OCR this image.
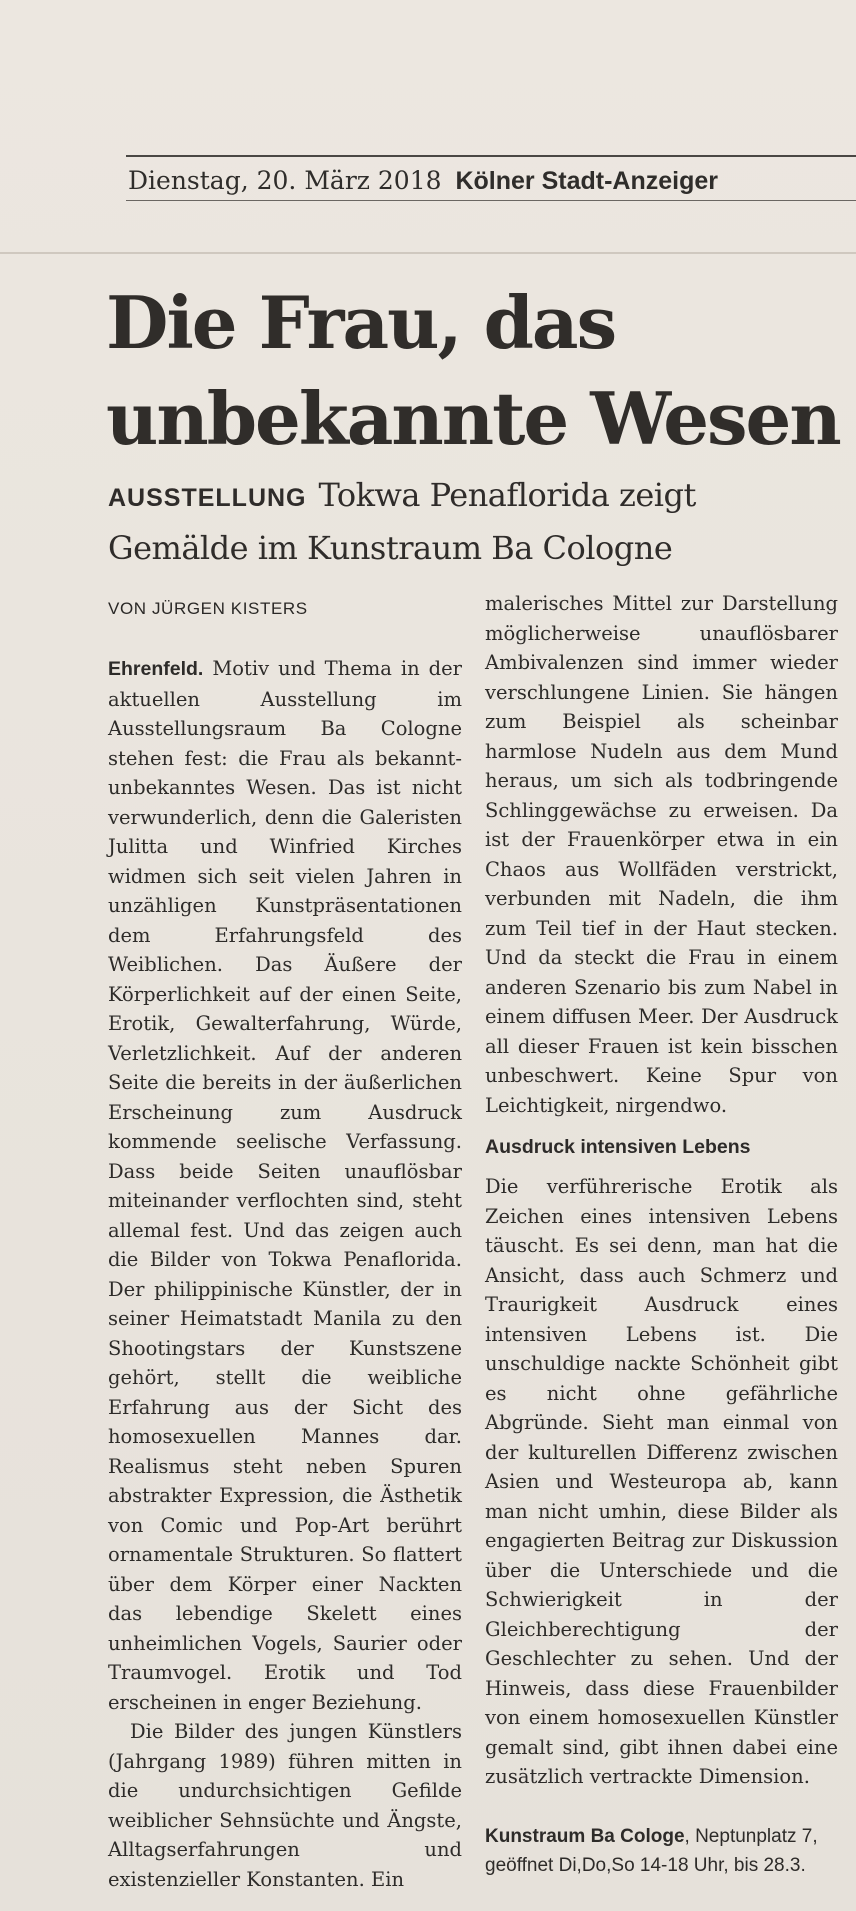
Dienstag, 20. März 2018 Kölner Stadt-Anzeiger
Die Frau, das unbekannte Wesen
AUSSTELLUNG Tokwa Penaflorida zeigt Gemälde im Kunstraum Ba Cologne
VON JÜRGEN KISTERS

Ehrenfeld. Motiv und Thema in der aktuellen Ausstellung im Ausstellungsraum Ba Cologne stehen fest: die Frau als bekannt-unbekanntes Wesen. Das ist nicht verwunderlich, denn die Galeristen Julitta und Winfried Kirches widmen sich seit vielen Jahren in unzähligen Kunstpräsentationen dem Erfahrungsfeld des Weiblichen. Das Äußere der Körperlichkeit auf der einen Seite, Erotik, Gewalterfahrung, Würde, Verletzlichkeit. Auf der anderen Seite die bereits in der äußerlichen Erscheinung zum Ausdruck kommende seelische Verfassung. Dass beide Seiten unauflösbar miteinander verflochten sind, steht allemal fest. Und das zeigen auch die Bilder von Tokwa Penaflorida. Der philippinische Künstler, der in seiner Heimatstadt Manila zu den Shootingstars der Kunstszene gehört, stellt die weibliche Erfahrung aus der Sicht des homosexuellen Mannes dar. Realismus steht neben Spuren abstrakter Expression, die Ästhetik von Comic und Pop-Art berührt ornamentale Strukturen. So flattert über dem Körper einer Nackten das lebendige Skelett eines unheimlichen Vogels, Saurier oder Traumvogel. Erotik und Tod erscheinen in enger Beziehung.

Die Bilder des jungen Künstlers (Jahrgang 1989) führen mitten in die undurchsichtigen Gefilde weiblicher Sehnsüchte und Ängste, Alltagserfahrungen und existenzieller Konstanten. Ein

malerisches Mittel zur Darstellung möglicherweise unauflösbarer Ambivalenzen sind immer wieder verschlungene Linien. Sie hängen zum Beispiel als scheinbar harmlose Nudeln aus dem Mund heraus, um sich als todbringende Schlinggewächse zu erweisen. Da ist der Frauenkörper etwa in ein Chaos aus Wollfäden verstrickt, verbunden mit Nadeln, die ihm zum Teil tief in der Haut stecken. Und da steckt die Frau in einem anderen Szenario bis zum Nabel in einem diffusen Meer. Der Ausdruck all dieser Frauen ist kein bisschen unbeschwert. Keine Spur von Leichtigkeit, nirgendwo.

Ausdruck intensiven Lebens

Die verführerische Erotik als Zeichen eines intensiven Lebens täuscht. Es sei denn, man hat die Ansicht, dass auch Schmerz und Traurigkeit Ausdruck eines intensiven Lebens ist. Die unschuldige nackte Schönheit gibt es nicht ohne gefährliche Abgründe. Sieht man einmal von der kulturellen Differenz zwischen Asien und Westeuropa ab, kann man nicht umhin, diese Bilder als engagierten Beitrag zur Diskussion über die Unterschiede und die Schwierigkeit in der Gleichberechtigung der Geschlechter zu sehen. Und der Hinweis, dass diese Frauenbilder von einem homosexuellen Künstler gemalt sind, gibt ihnen dabei eine zusätzlich vertrackte Dimension.

Kunstraum Ba Cologe, Neptunplatz 7, geöffnet Di,Do,So 14-18 Uhr, bis 28.3.
